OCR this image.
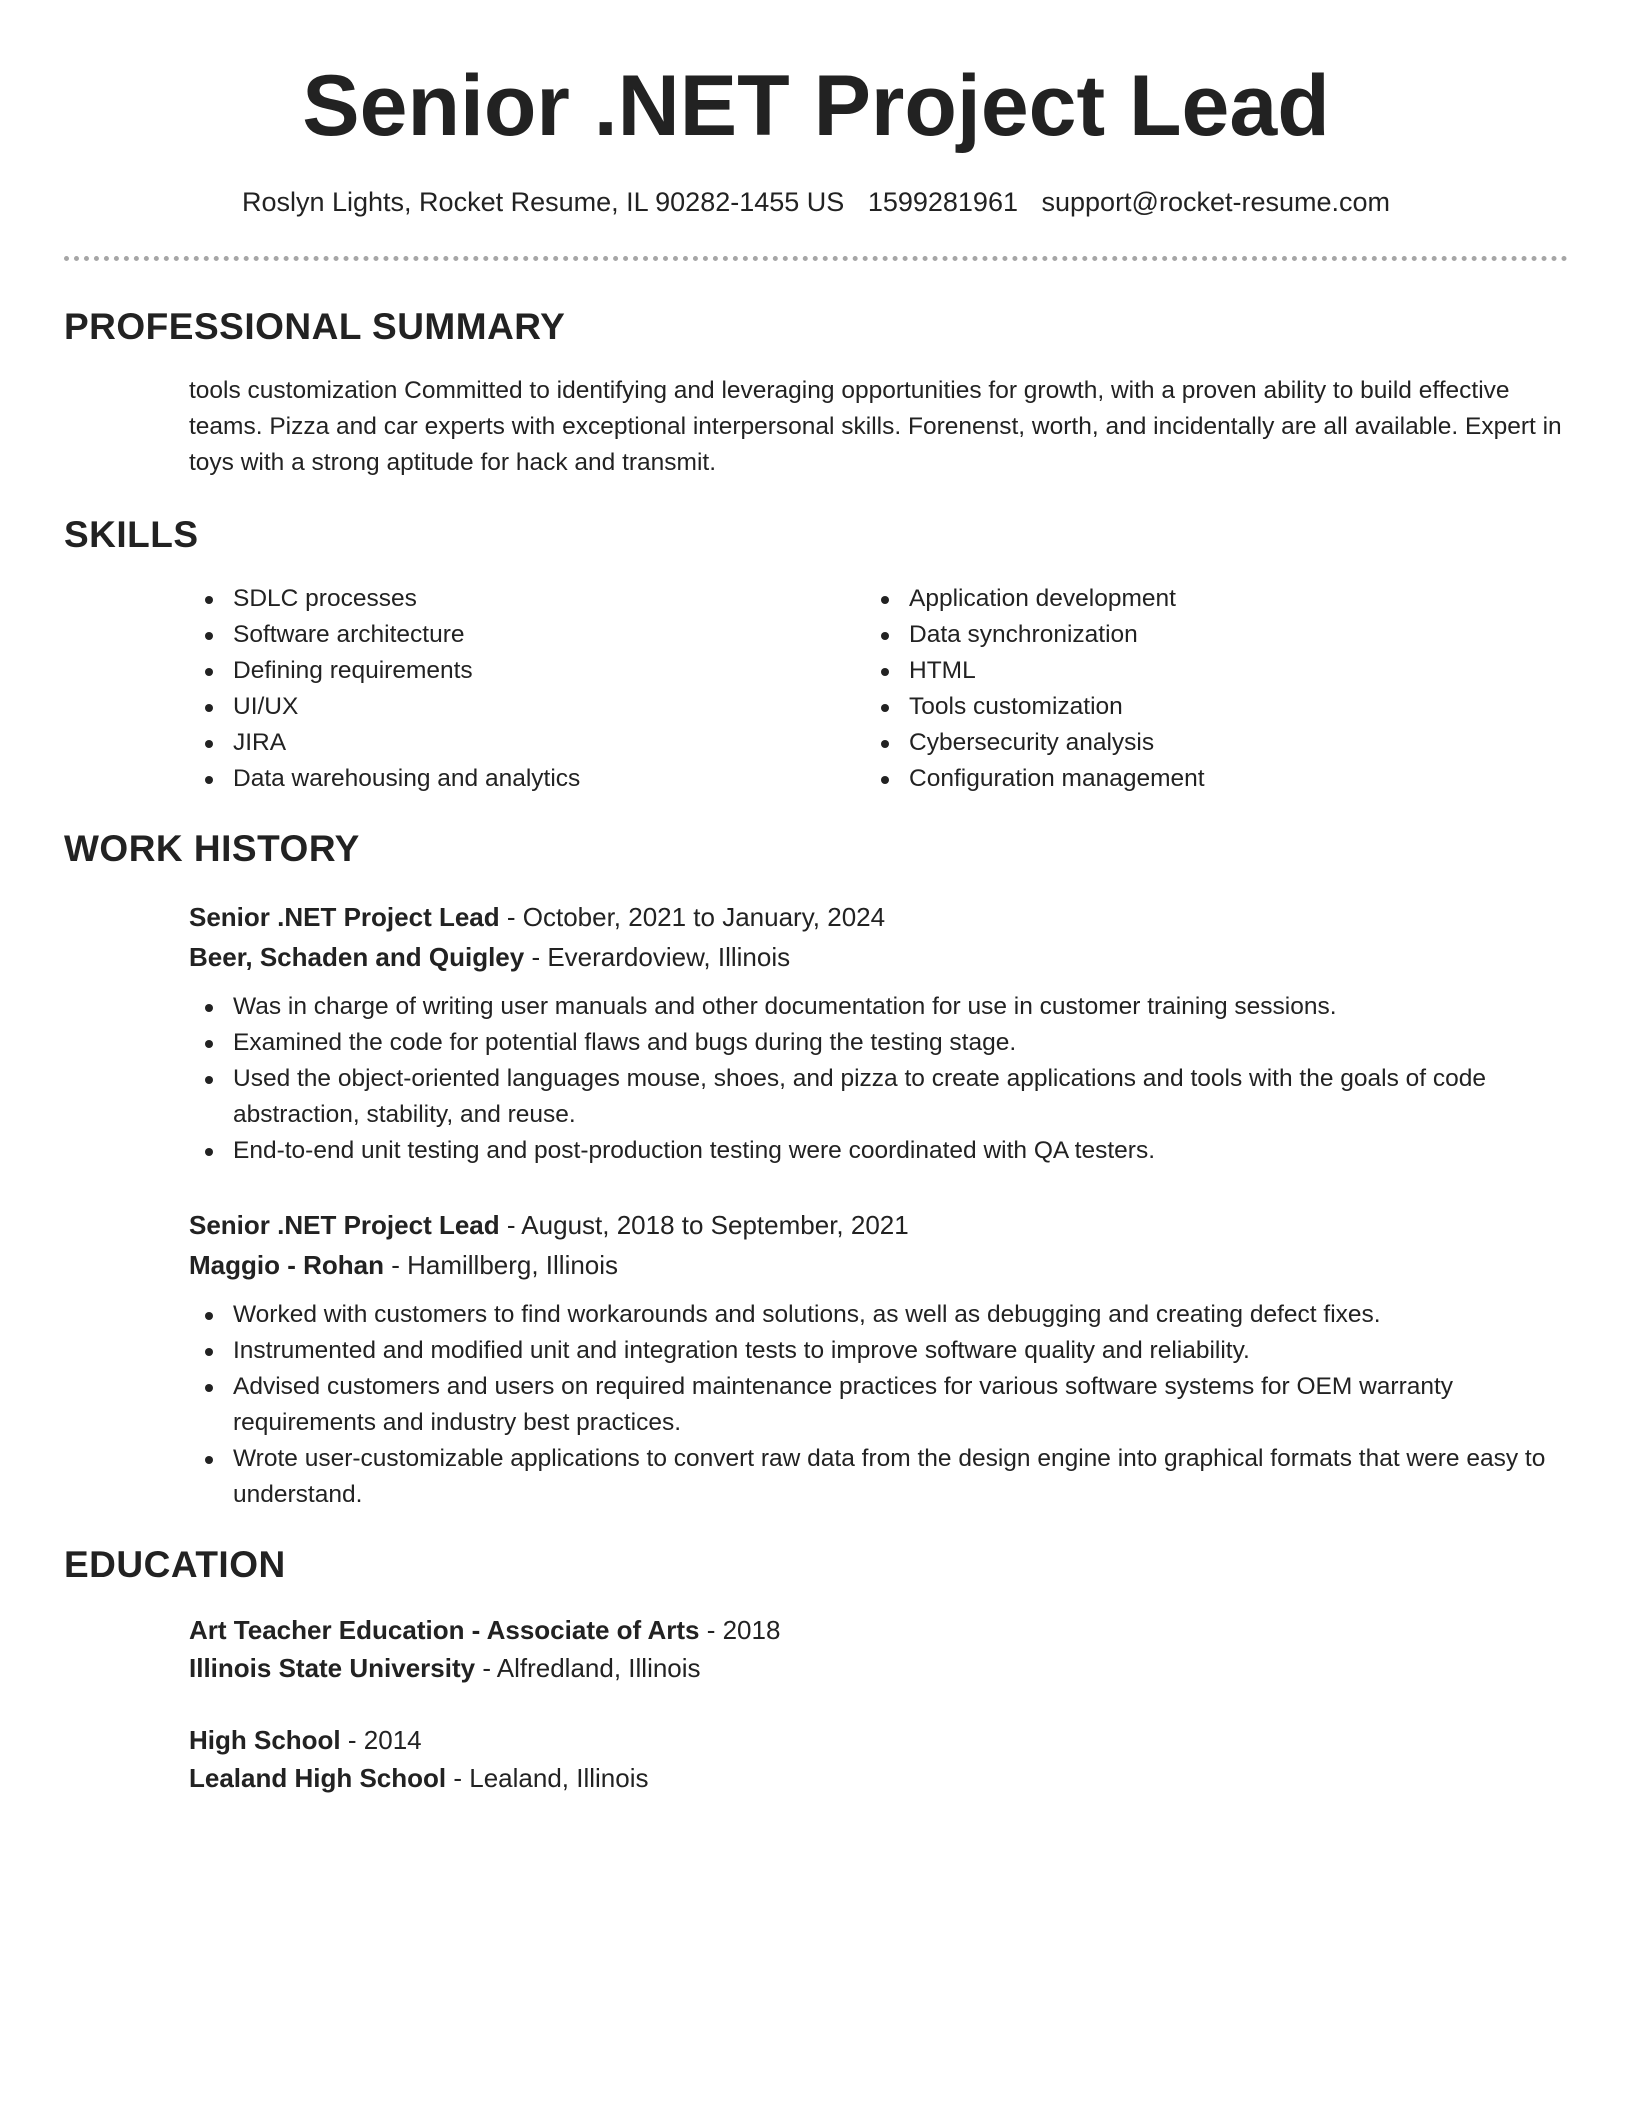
Senior .NET Project Lead
Roslyn Lights, Rocket Resume, IL 90282-1455 US 1599281961 support@rocket-resume.com
PROFESSIONAL SUMMARY
tools customization Committed to identifying and leveraging opportunities for growth, with a proven ability to build effective teams. Pizza and car experts with exceptional interpersonal skills. Forenenst, worth, and incidentally are all available. Expert in toys with a strong aptitude for hack and transmit.
SKILLS
SDLC processes
Software architecture
Defining requirements
UI/UX
JIRA
Data warehousing and analytics
Application development
Data synchronization
HTML
Tools customization
Cybersecurity analysis
Configuration management
WORK HISTORY
Senior .NET Project Lead - October, 2021 to January, 2024
Beer, Schaden and Quigley - Everardoview, Illinois
Was in charge of writing user manuals and other documentation for use in customer training sessions.
Examined the code for potential flaws and bugs during the testing stage.
Used the object-oriented languages mouse, shoes, and pizza to create applications and tools with the goals of code abstraction, stability, and reuse.
End-to-end unit testing and post-production testing were coordinated with QA testers.
Senior .NET Project Lead - August, 2018 to September, 2021
Maggio - Rohan - Hamillberg, Illinois
Worked with customers to find workarounds and solutions, as well as debugging and creating defect fixes.
Instrumented and modified unit and integration tests to improve software quality and reliability.
Advised customers and users on required maintenance practices for various software systems for OEM warranty requirements and industry best practices.
Wrote user-customizable applications to convert raw data from the design engine into graphical formats that were easy to understand.
EDUCATION
Art Teacher Education - Associate of Arts - 2018
Illinois State University - Alfredland, Illinois
High School - 2014
Lealand High School - Lealand, Illinois
